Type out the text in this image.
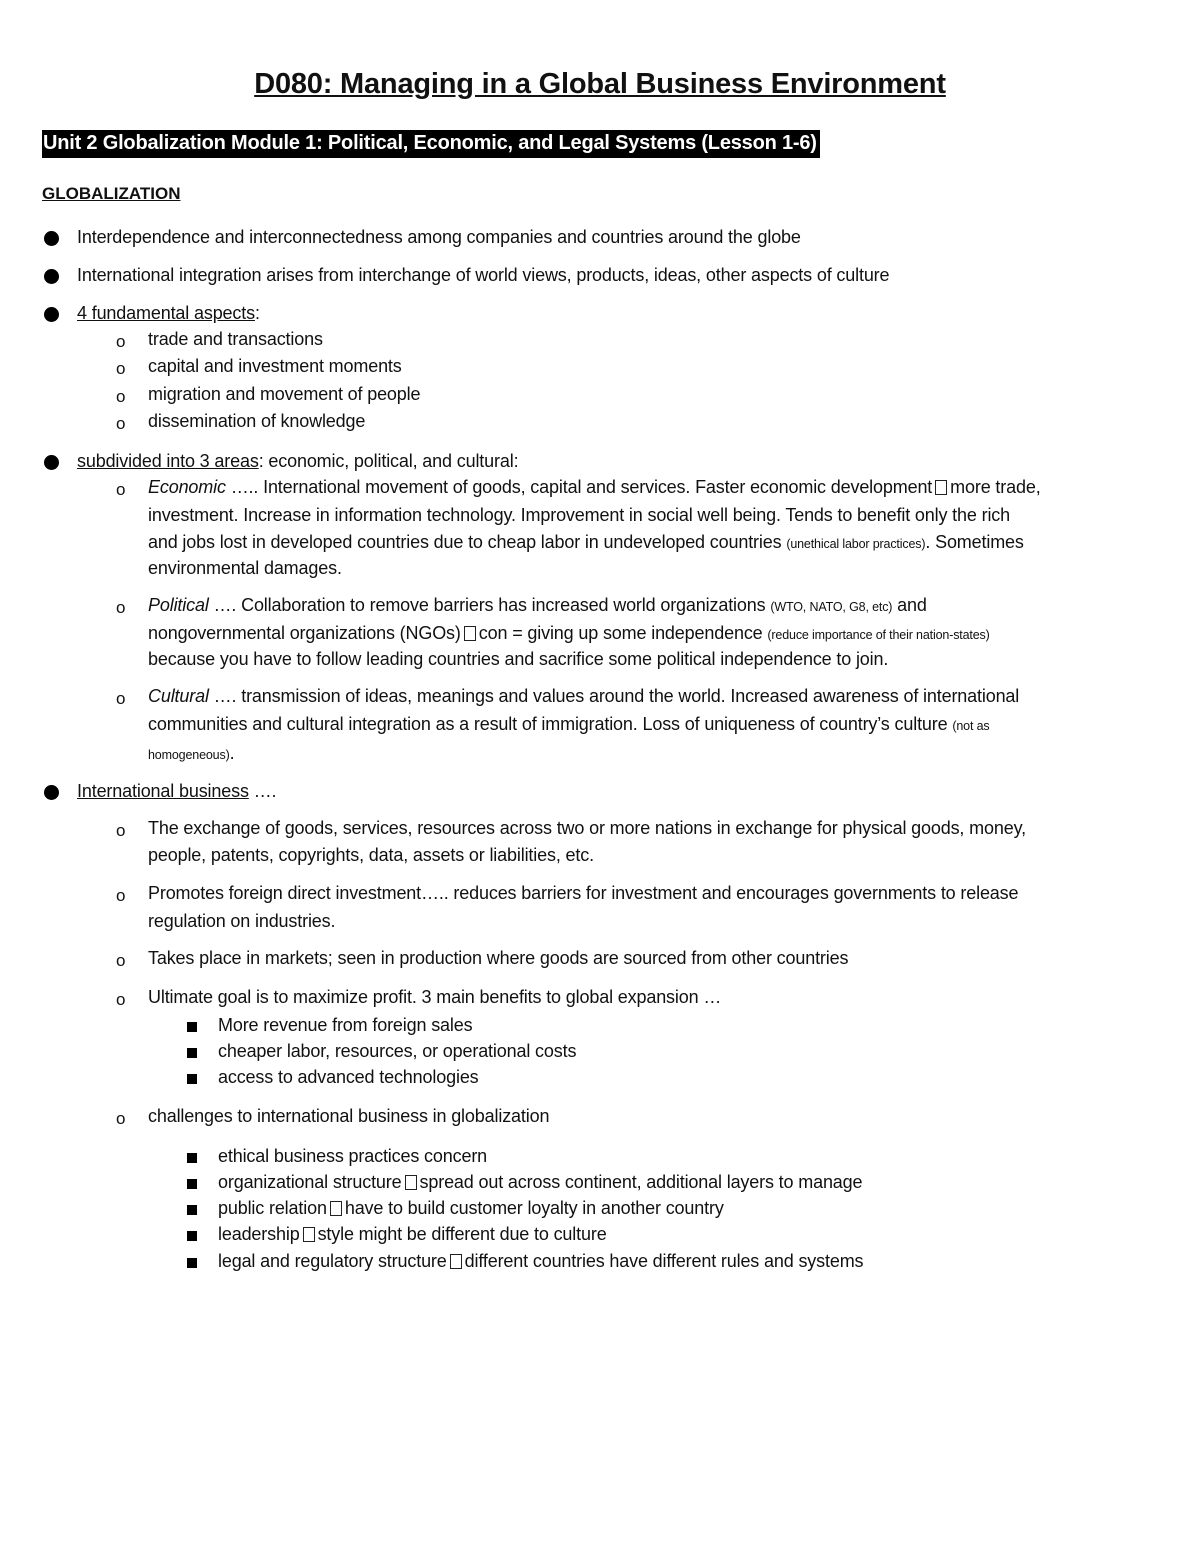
D080: Managing in a Global Business Environment
Unit 2 Globalization Module 1: Political, Economic, and Legal Systems (Lesson 1-6)
GLOBALIZATION
Interdependence and interconnectedness among companies and countries around the globe
International integration arises from interchange of world views, products, ideas, other aspects of culture
4 fundamental aspects:
o trade and transactions
o capital and investment moments
o migration and movement of people
o dissemination of knowledge
subdivided into 3 areas: economic, political, and cultural:
o Economic ….. International movement of goods, capital and services. Faster economic development more trade,
investment. Increase in information technology. Improvement in social well being. Tends to benefit only the rich
and jobs lost in developed countries due to cheap labor in undeveloped countries (unethical labor practices). Sometimes
environmental damages.
o Political …. Collaboration to remove barriers has increased world organizations (WTO, NATO, G8, etc) and
nongovernmental organizations (NGOs) con = giving up some independence (reduce importance of their nation-states)
because you have to follow leading countries and sacrifice some political independence to join.
o Cultural …. transmission of ideas, meanings and values around the world. Increased awareness of international
communities and cultural integration as a result of immigration. Loss of uniqueness of country’s culture (not as
homogeneous).
International business ….
o The exchange of goods, services, resources across two or more nations in exchange for physical goods, money,
people, patents, copyrights, data, assets or liabilities, etc.
o Promotes foreign direct investment….. reduces barriers for investment and encourages governments to release
regulation on industries.
o Takes place in markets; seen in production where goods are sourced from other countries
o Ultimate goal is to maximize profit. 3 main benefits to global expansion …
More revenue from foreign sales
cheaper labor, resources, or operational costs
access to advanced technologies
o challenges to international business in globalization
ethical business practices concern
organizational structure spread out across continent, additional layers to manage
public relation have to build customer loyalty in another country
leadership style might be different due to culture
legal and regulatory structure different countries have different rules and systems
